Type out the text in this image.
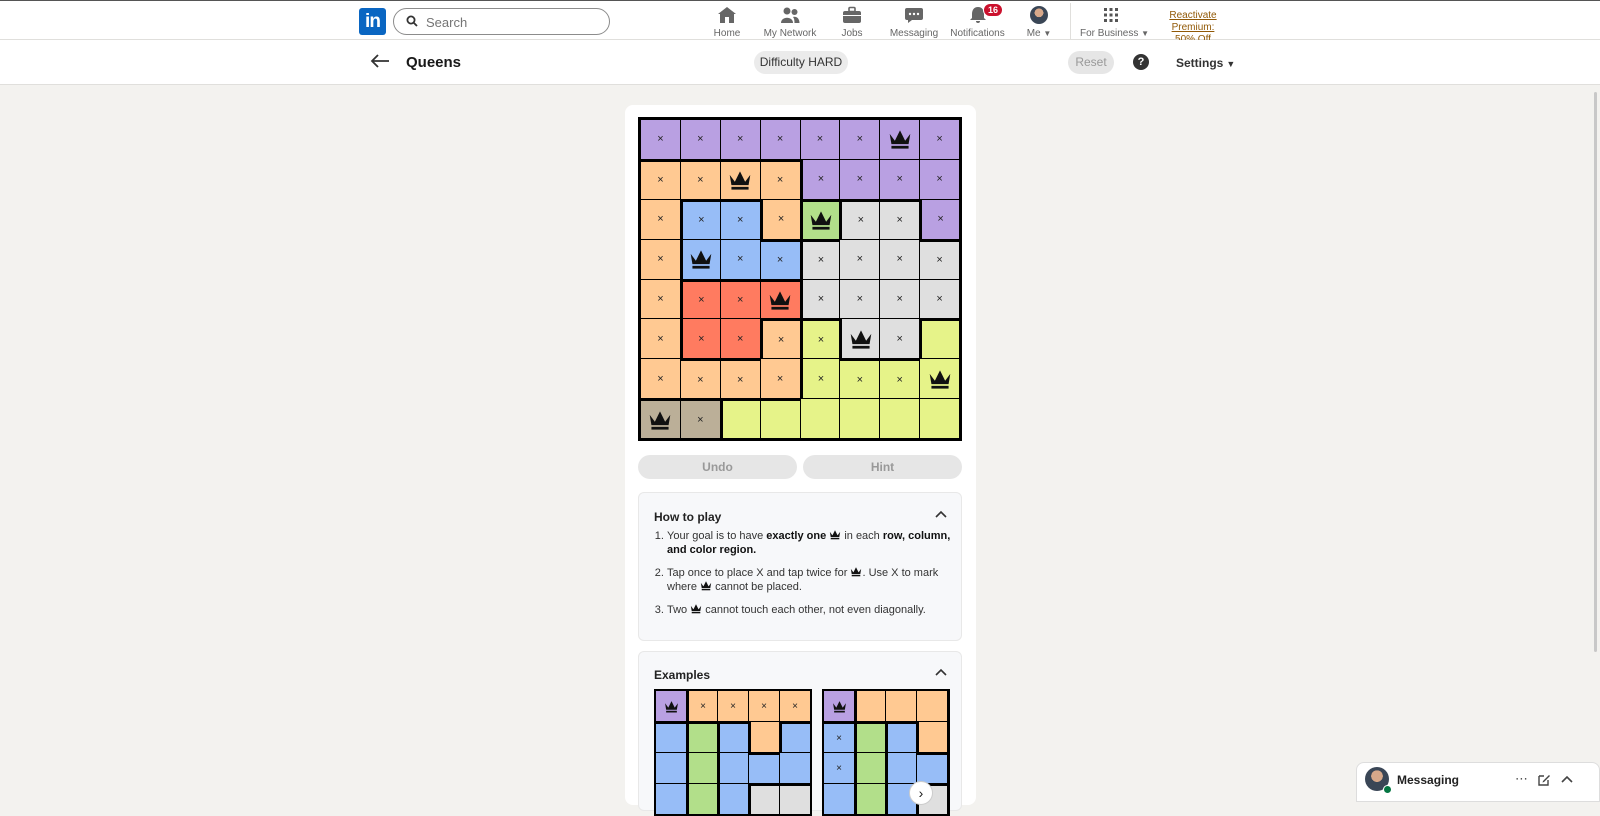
in
Search
Home My Network	Jobs	Messaging
16
Notifications Me ▼	For Business ▼
Reactivate Premium:
Queens	Difficulty HARD	Reset	?	Settings ▼
×	×	×	×	×	×	×
×	×	×	×	×	×	×
×	×	×	×	×	×	×
×	×	×	×	×	×	×
×	×	×	×	×	×	×
×	×	×	×	×	×
×	×	×	×	×	×	×
×
Undo	Hint
How to play
1. Your goal is to have exactly one  in each row, column, and color region.
2. Tap once to place X and tap twice for . Use X to mark where  cannot be placed.
3. Two  cannot touch each other, not even diagonally.
Examples
× ×	×	×
×
×
›
Messaging	⋯
